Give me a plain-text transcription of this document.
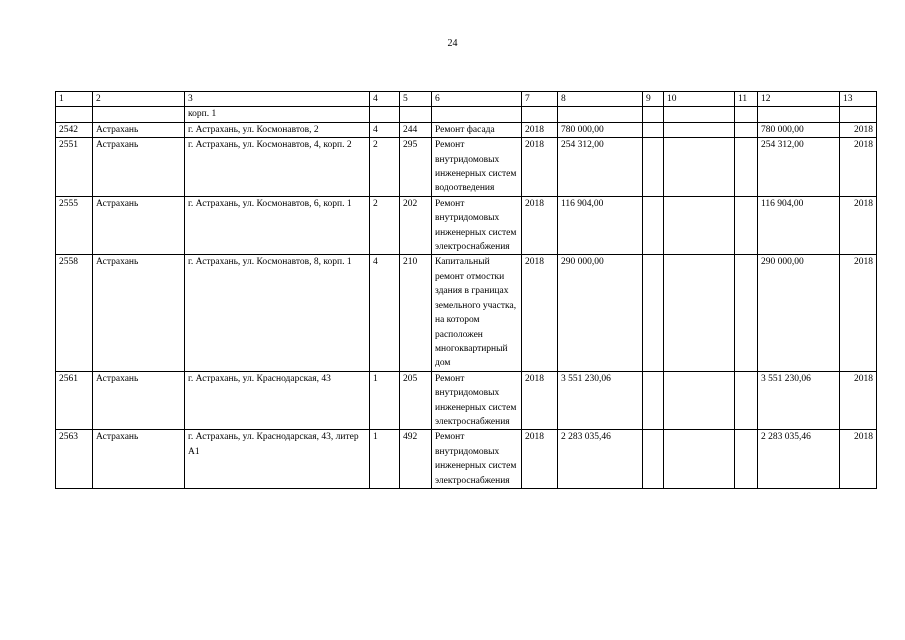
24
1	2	3	4	5	6	7	8	9	10	11	12	13
		корп. 1										
2542	Астрахань	г. Астрахань, ул. Космонавтов, 2	4	244	Ремонт фасада	2018	780 000,00				780 000,00	2018
2551	Астрахань	г. Астрахань, ул. Космонавтов, 4, корп. 2	2	295	Ремонт внутридомовых инженерных систем водоотведения	2018	254 312,00				254 312,00	2018
2555	Астрахань	г. Астрахань, ул. Космонавтов, 6, корп. 1	2	202	Ремонт внутридомовых инженерных систем электроснабжения	2018	116 904,00				116 904,00	2018
2558	Астрахань	г. Астрахань, ул. Космонавтов, 8, корп. 1	4	210	Капитальный ремонт отмостки здания в границах земельного участка, на котором расположен многоквартирный дом	2018	290 000,00				290 000,00	2018
2561	Астрахань	г. Астрахань, ул. Краснодарская, 43	1	205	Ремонт внутридомовых инженерных систем электроснабжения	2018	3 551 230,06				3 551 230,06	2018
2563	Астрахань	г. Астрахань, ул. Краснодарская, 43, литер А1	1	492	Ремонт внутридомовых инженерных систем электроснабжения	2018	2 283 035,46				2 283 035,46	2018
